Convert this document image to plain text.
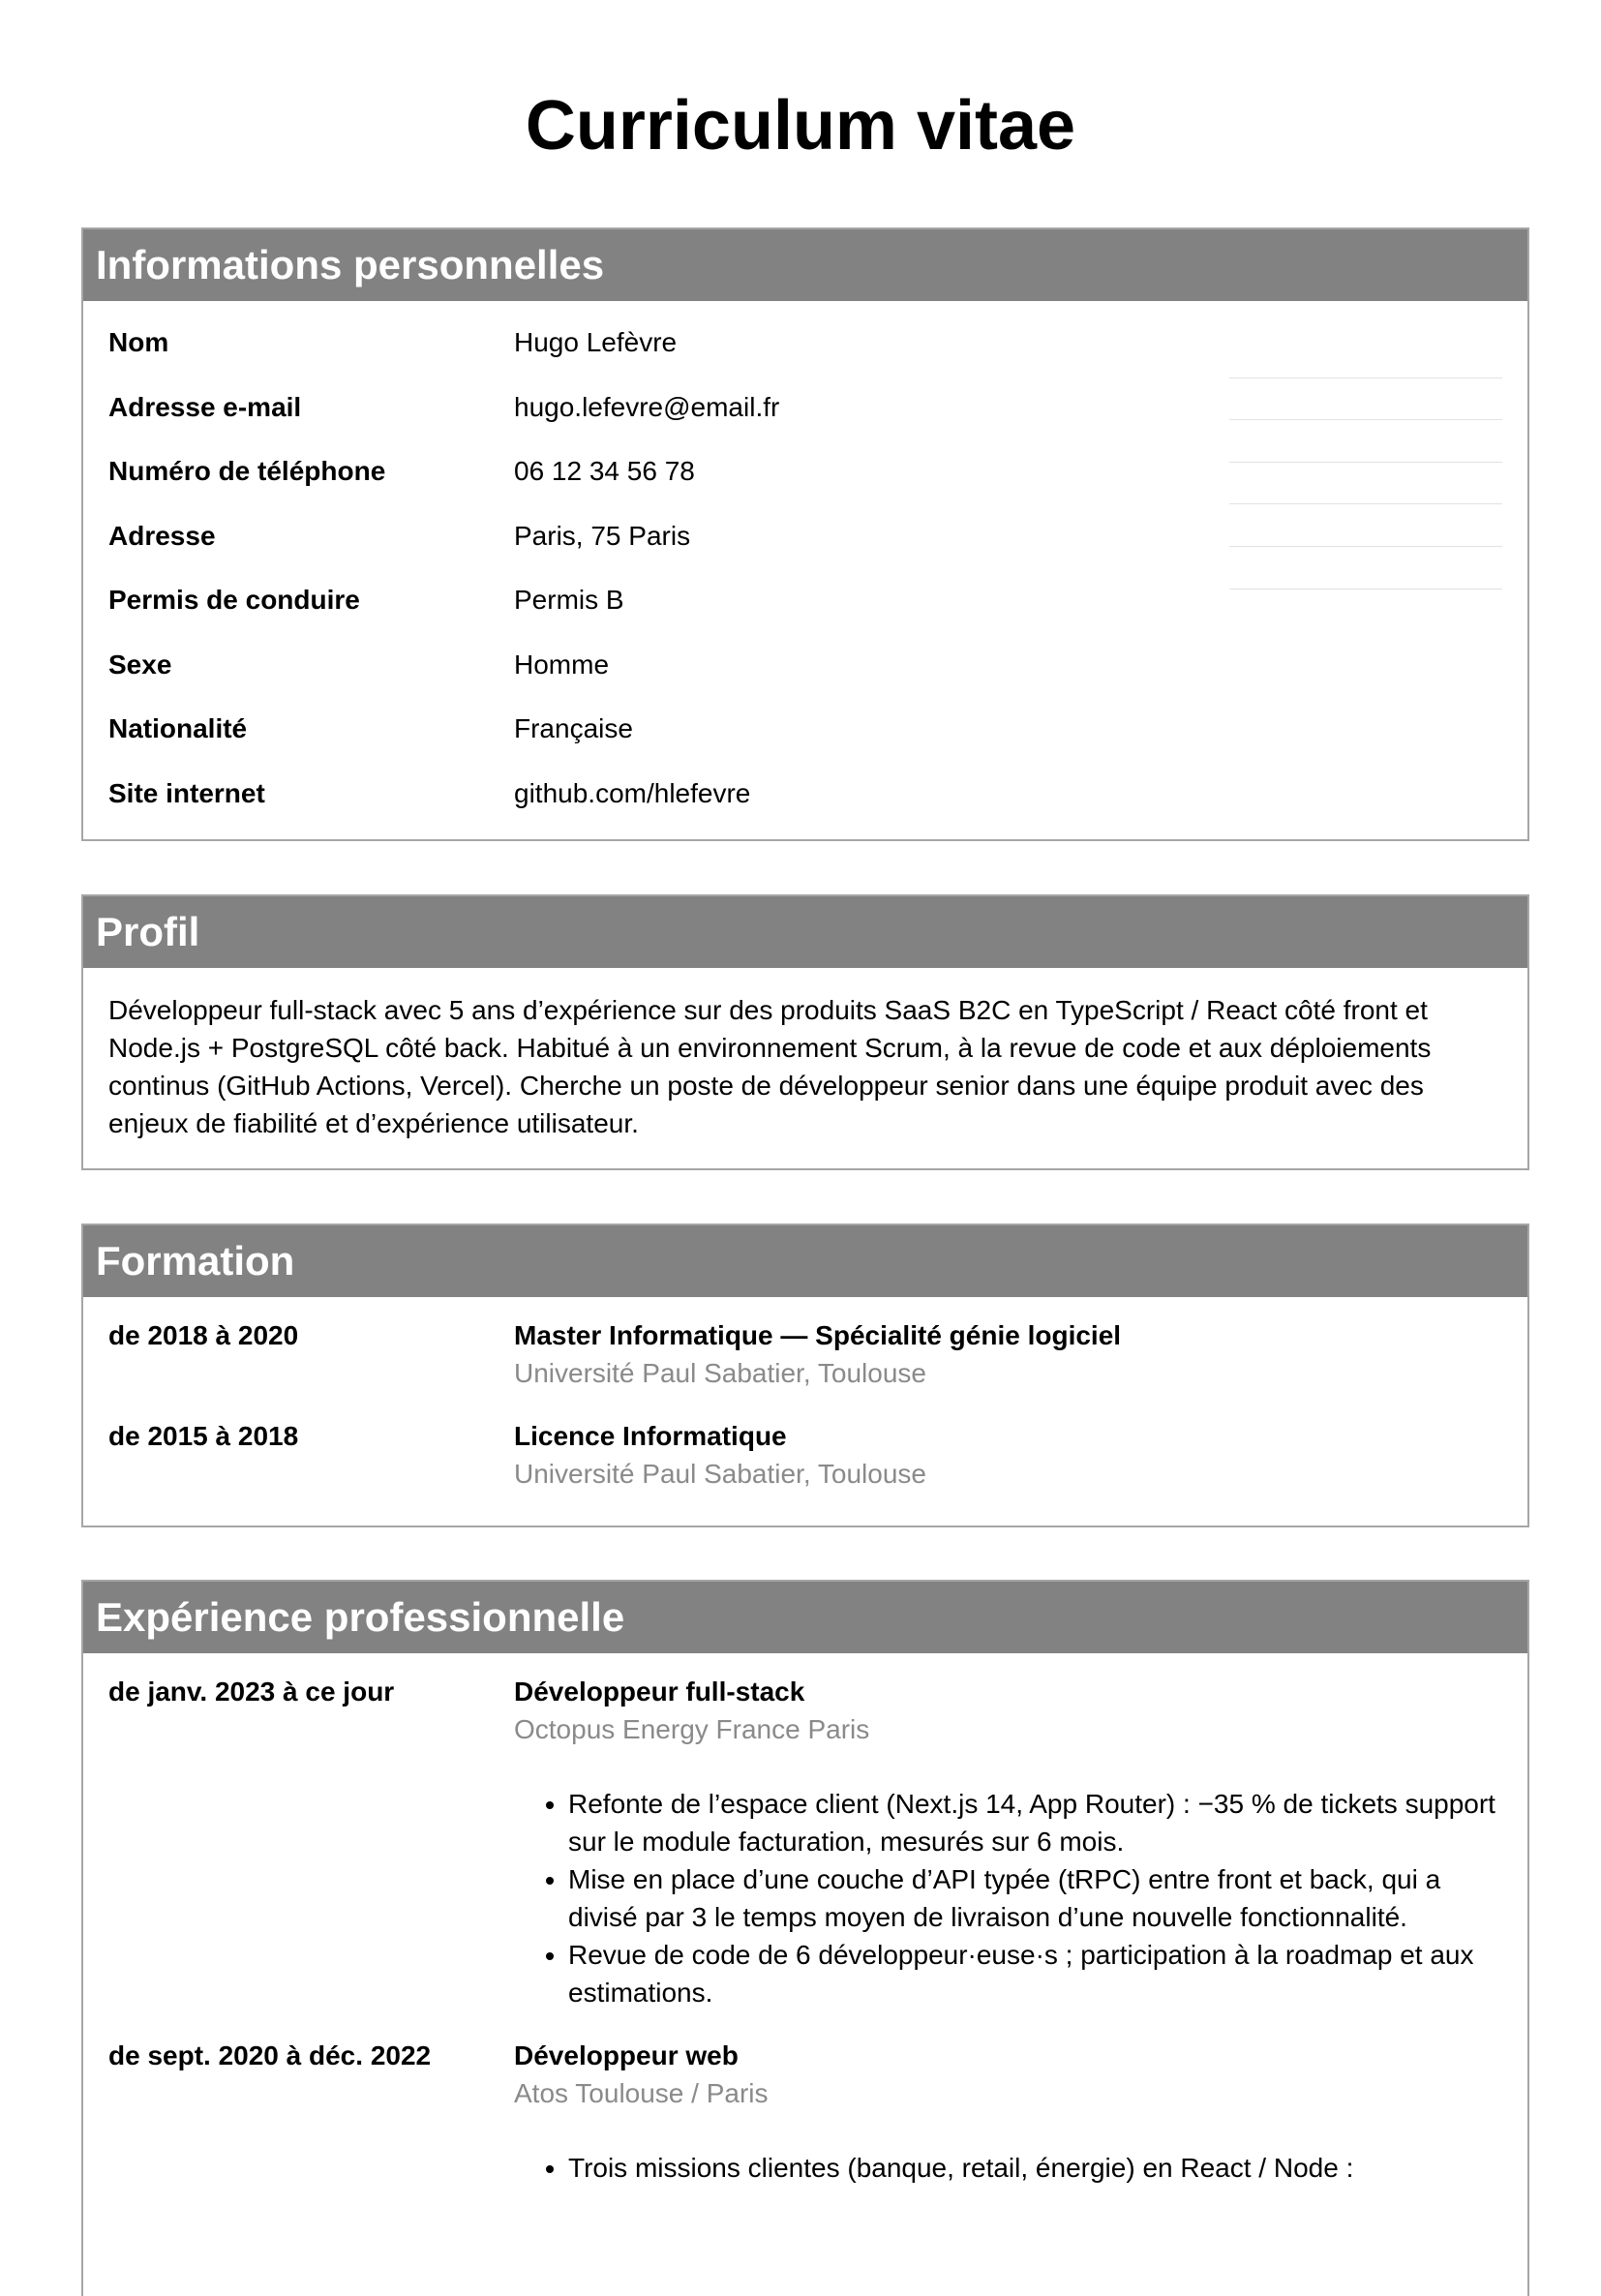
Curriculum vitae
Informations personnelles
Nom	Hugo Lefèvre
Adresse e-mail	hugo.lefevre@email.fr
Numéro de téléphone	06 12 34 56 78
Adresse	Paris, 75 Paris
Permis de conduire	Permis B
Sexe	Homme
Nationalité	Française
Site internet	github.com/hlefevre

Profil

Développeur full-stack avec 5 ans d’expérience sur des produits SaaS B2C en TypeScript / React côté front et Node.js + PostgreSQL côté back. Habitué à un environnement Scrum, à la revue de code et aux déploiements continus (GitHub Actions, Vercel). Cherche un poste de développeur senior dans une équipe produit avec des enjeux de fiabilité et d’expérience utilisateur.

Formation
de 2018 à 2020	Master Informatique — Spécialité génie logiciel
Université Paul Sabatier, Toulouse
de 2015 à 2018	Licence Informatique
Université Paul Sabatier, Toulouse
Expérience professionnelle
de janv. 2023 à ce jour	Développeur full-stack
Octopus Energy France Paris
• Refonte de l’espace client (Next.js 14, App Router) : −35 % de tickets support sur le module facturation, mesurés sur 6 mois.
• Mise en place d’une couche d’API typée (tRPC) entre front et back, qui a divisé par 3 le temps moyen de livraison d’une nouvelle fonctionnalité.
• Revue de code de 6 développeur·euse·s ; participation à la roadmap et aux estimations.
de sept. 2020 à déc. 2022	Développeur web
Atos Toulouse / Paris
• Trois missions clientes (banque, retail, énergie) en React / Node :
